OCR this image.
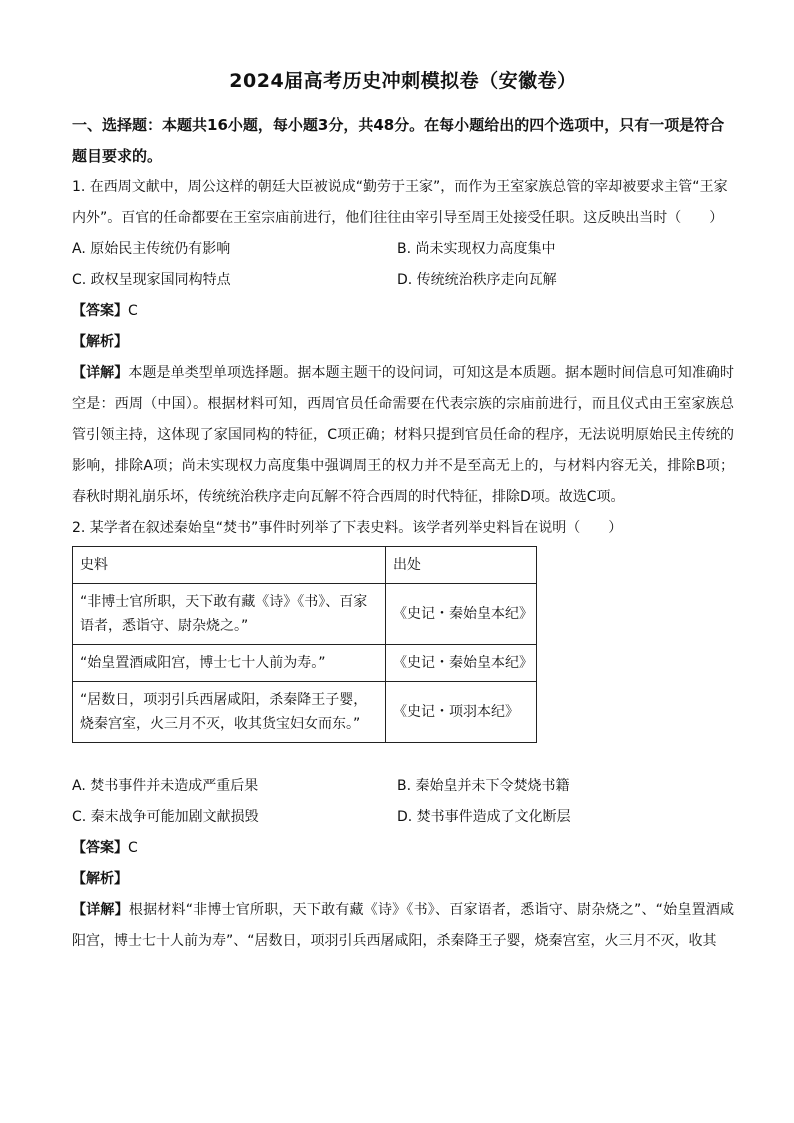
2024届高考历史冲刺模拟卷（安徽卷）
一、选择题：本题共16小题，每小题3分，共48分。在每小题给出的四个选项中，只有一项是符合题目要求的。

1. 在西周文献中，周公这样的朝廷大臣被说成“勤劳于王家”，而作为王室家族总管的宰却被要求主管“王家内外”。百官的任命都要在王室宗庙前进行，他们往往由宰引导至周王处接受任职。这反映出当时（　　）

A. 原始民主传统仍有影响	B. 尚未实现权力高度集中
C. 政权呈现家国同构特点	D. 传统统治秩序走向瓦解
【答案】C
【解析】
【详解】本题是单类型单项选择题。据本题主题干的设问词，可知这是本质题。据本题时间信息可知准确时空是：西周（中国）。根据材料可知，西周官员任命需要在代表宗族的宗庙前进行，而且仪式由王室家族总管引领主持，这体现了家国同构的特征，C项正确；材料只提到官员任命的程序，无法说明原始民主传统的影响，排除A项；尚未实现权力高度集中强调周王的权力并不是至高无上的，与材料内容无关，排除B项；春秋时期礼崩乐坏，传统统治秩序走向瓦解不符合西周的时代特征，排除D项。故选C项。

2. 某学者在叙述秦始皇“焚书”事件时列举了下表史料。该学者列举史料旨在说明（　　）

史料	出处
“非博士官所职，天下敢有藏《诗》《书》、百家语者，悉诣守、尉杂烧之。”	《史记・秦始皇本纪》
“始皇置酒咸阳宫，博士七十人前为寿。”	《史记・秦始皇本纪》
“居数日，项羽引兵西屠咸阳，杀秦降王子婴，烧秦宫室，火三月不灭，收其货宝妇女而东。”	《史记・项羽本纪》
A. 焚书事件并未造成严重后果	B. 秦始皇并未下令焚烧书籍
C. 秦末战争可能加剧文献损毁	D. 焚书事件造成了文化断层
【答案】C
【解析】
【详解】根据材料“非博士官所职，天下敢有藏《诗》《书》、百家语者，悉诣守、尉杂烧之”、“始皇置酒咸阳宫，博士七十人前为寿”、“居数日，项羽引兵西屠咸阳，杀秦降王子婴，烧秦宫室，火三月不灭，收其
